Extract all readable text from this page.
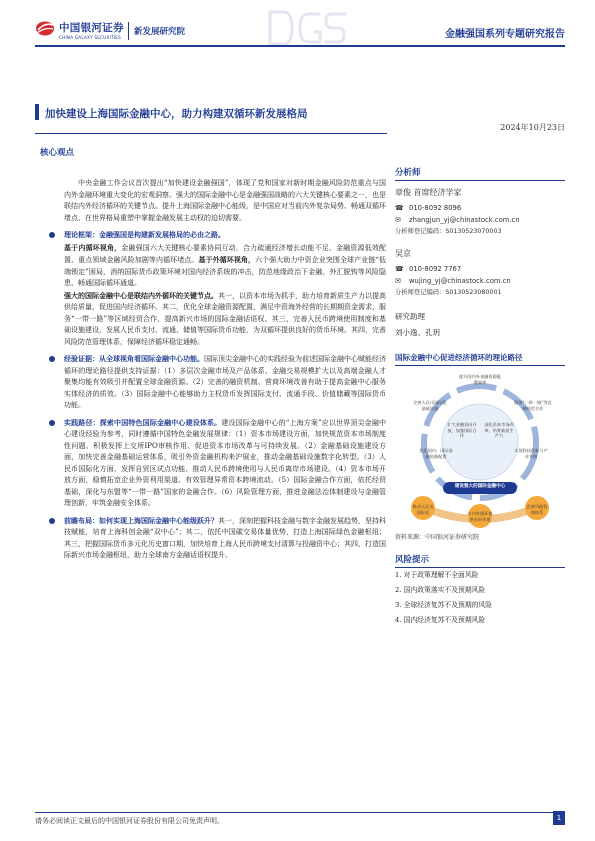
中国银河证券
CHINA GALAXY SECURITIES
新发展研究院	金融强国系列专题研究报告
加快建设上海国际金融中心，助力构建双循环新发展格局
2024年10月23日
核心观点

中央金融工作会议首次提出“加快建设金融强国”，体现了党和国家对新时期金融风险防范重点与国内外金融环境重大变化的宏观洞察。强大的国际金融中心是金融强国战略的六大关键核心要素之一，也是联结内外经济循环的关键节点。提升上海国际金融中心能级，是中国应对当前内外复杂局势、畅通双循环堵点、在世界格局重塑中掌握金融发展主动权的迫切需要。

理论框架：金融强国是构建新发展格局的必由之路。
基于内循环视角，金融强国六大关键核心要素协同互动，合力疏通经济增长动能不足、金融资源低效配置、重点领域金融风险加剧等内循环堵点。基于外循环视角，六个强大助力中资企业突围全球产业链“低端锁定”困局，消纳国际货币政策环境对国内经济系统的冲击，防范地缘政治下金融、外汇脱钩等风险隐患，畅通国际循环通道。
强大的国际金融中心是联结内外循环的关键节点。其一，以资本市场为抓手，助力培育新质生产力以提高供给质量，促进国内经济循环。其二，优化全球金融资源配置，满足中资海外经营的长期期资金需求，服务“一带一路”等区域经贸合作，提高新兴市场的国际金融话语权。其三，完善人民币跨境使用制度和基础设施建设，发展人民币支付、流通、储值等国际货币功能，为双循环提供良好的货币环境。其四，完善风险防范管理体系，保障经济循环稳定通畅。

经验证据：从全球视角看国际金融中心功能。国际顶尖金融中心的实践经验为前述国际金融中心赋能经济循环的理论路径提供支持证据：（1）多层次金融市场及产品体系、金融交易规模扩大以及高端金融人才聚集均能有效吸引并配置全球金融资源。（2）完善的融资机制、营商环境改善有助于提高金融中心服务实体经济的质效。（3）国际金融中心能够助力主权货币发挥国际支付、流通手段、价值储藏等国际货币功能。

实践路径：探索中国特色国际金融中心建设体系。建设国际金融中心的“上海方案”应以世界顶尖金融中心建设经验为参考，同时遵循中国特色金融发展规律：（1）资本市场建设方面，加快规范资本市场制度性问题、积极发挥上交所IPO审核作用、促进资本市场改革与可持续发展。（2）金融基础设施建设方面，加快完善金融基础运营体系，吸引外资金融机构来沪展业，推动金融基础设施数字化转型。（3）人民币国际化方面，发挥自贸区试点功能、推动人民币跨境使用与人民币离岸市场建设。（4）资本市场开放方面，稳慎拓宽企业外资利用渠道、有效管理异常资本跨境流动。（5）国际金融合作方面，依托经贸基础，深化与东盟等“一带一路”国家的金融合作。（6）风险管理方面，推进金融法治体制建设与金融管理创新，牢筑金融安全体系。

前瞻布局：如何实现上海国际金融中心能级跃升？其一，深刻把握科技金融与数字金融发展趋势，坚持科技赋能，培育上海科创金融“双中心”；其二，依托中国碳交易体量优势，打造上海国际绿色金融枢纽；其三，把握国际货币多元化历史窗口期，加快培育上海人民币跨境支付清算与投融资中心；其四，打造国际新兴市场金融枢纽，助力全球南方金融话语权提升。

分析师
章俊 首席经济学家
☎ 010-8092 8096
✉ zhangjun_yj@chinastock.com.cn
分析师登记编码：S0130523070003
吴京
☎ 010-8092 7767
✉ wujing_yj@chinastock.com.cn
分析师登记编码：S0130523080001
研究助理
刘小逸、孔玥
国际金融中心促进经济循环的理论路径
提升国内外金融资源配置效率
完善人民币国际化基础设施
服务“一带一路”等区域经贸合作
扩大金融双向开放，加强国际合作
深化资本市场改革，培育新质生产力
优化国内、国际金融资源配置
实现科技创新与产业升级
建设强大的国际金融中心
推动人民币国际化	为内外循环提供良好环境
完善风险管理体系
资料来源：中国银河证券研究院
风险提示
1. 对于政策理解不全面风险
2. 国内政策落实不及预期风险
3. 全球经济复苏不及预期的风险
4. 国内经济复苏不及预期风险
请务必阅读正文最后的中国银河证券股份有限公司免责声明。	1
